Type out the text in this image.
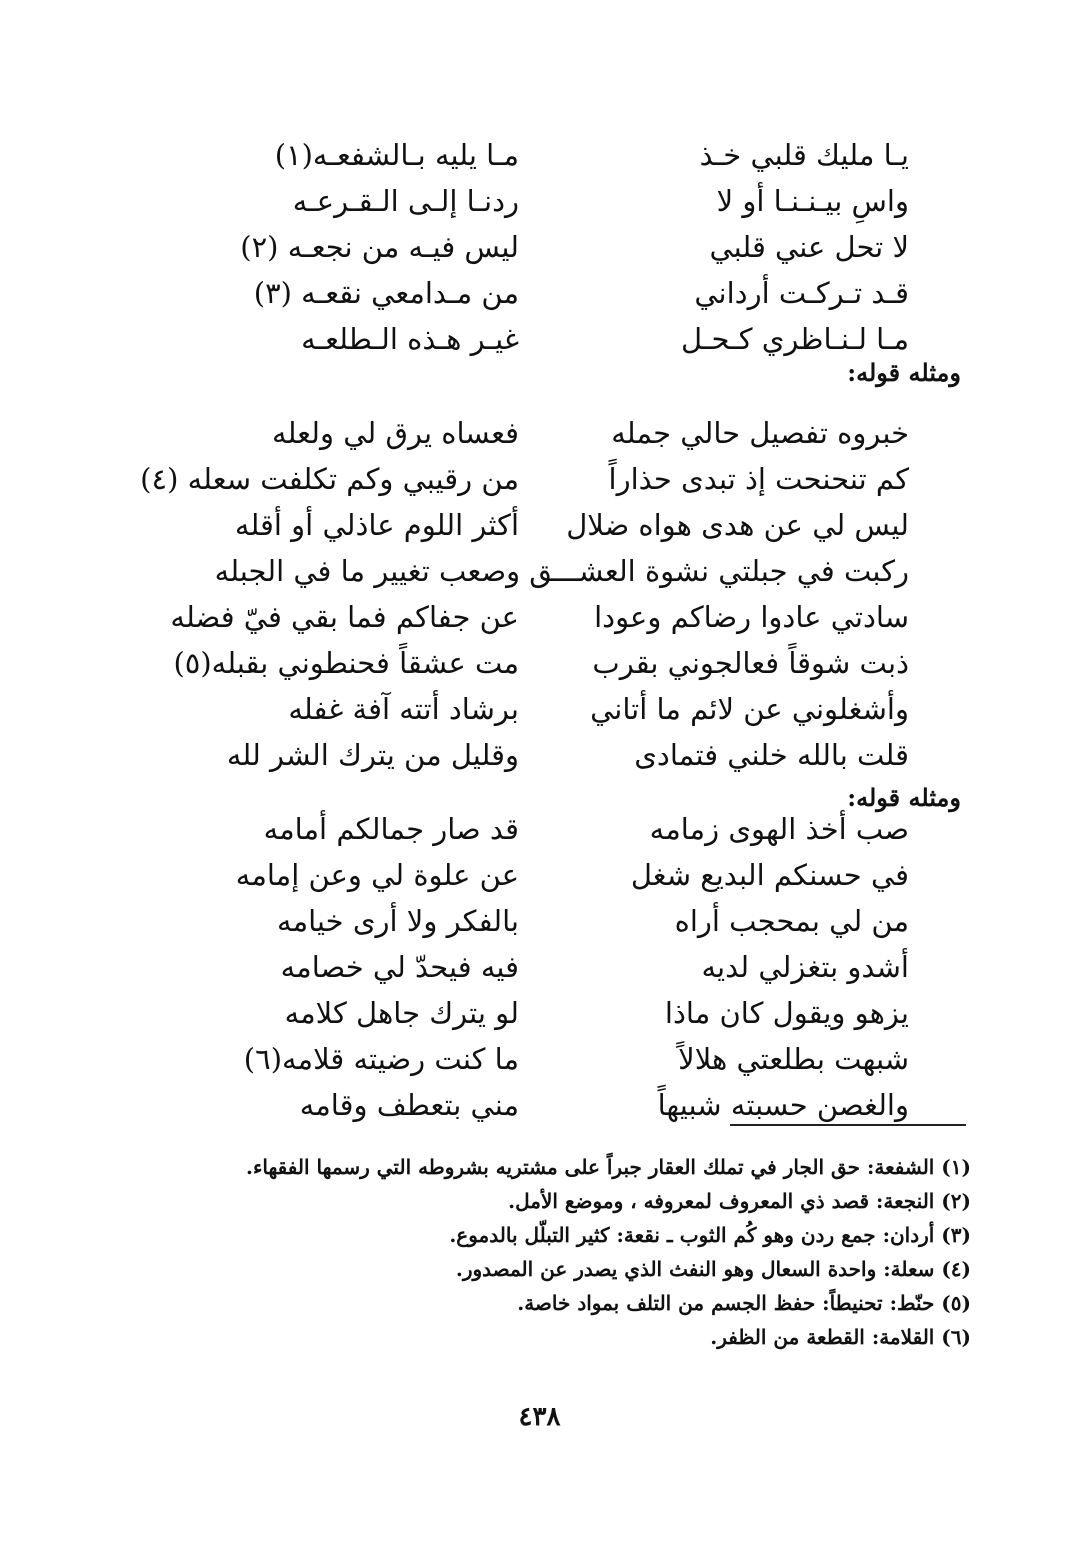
يـا مليك قلبي خـذ
مـا يليه بـالشفعـه(١)
واسِ بيـنـنـا أو لا
ردنـا إلـى الـقـرعـه
لا تحل عني قلبي
ليس فيـه من نجعـه (٢)
قـد تـركـت أرداني
من مـدامعي نقعـه (٣)
مـا لـنـاظري كـحـل
غيـر هـذه الـطلعـه
ومثله قوله:
خبروه تفصيل حالي جمله
فعساه يرق لي ولعله
كم تنحنحت إذ تبدى حذاراً
من رقيبي وكم تكلفت سعله (٤)
ليس لي عن هدى هواه ضلال
أكثر اللوم عاذلي أو أقله
ركبت في جبلتي نشوة العشـــق وصعب تغيير ما في الجبله
سادتي عادوا رضاكم وعودا
عن جفاكم فما بقي فيّ فضله
ذبت شوقاً فعالجوني بقرب
مت عشقاً فحنطوني بقبله(٥)
وأشغلوني عن لائم ما أتاني
برشاد أتته آفة غفله
قلت بالله خلني فتمادى
وقليل من يترك الشر لله
ومثله قوله:
صب أخذ الهوى زمامه
قد صار جمالكم أمامه
في حسنكم البديع شغل
عن علوة لي وعن إمامه
من لي بمحجب أراه
بالفكر ولا أرى خيامه
أشدو بتغزلي لديه
فيه فيحدّ لي خصامه
يزهو ويقول كان ماذا
لو يترك جاهل كلامه
شبهت بطلعتي هلالاً
ما كنت رضيته قلامه(٦)
والغصن حسبته شبيهاً
مني بتعطف وقامه
(١) الشفعة: حق الجار في تملك العقار جبراً على مشتريه بشروطه التي رسمها الفقهاء.
(٢) النجعة: قصد ذي المعروف لمعروفه ، وموضع الأمل.
(٣) أردان: جمع ردن وهو كُم الثوب ـ نقعة: كثير التبلّل بالدموع.
(٤) سعلة: واحدة السعال وهو النفث الذي يصدر عن المصدور.
(٥) حنّط: تحنيطاً: حفظ الجسم من التلف بمواد خاصة.
(٦) القلامة: القطعة من الظفر.
٤٣٨
